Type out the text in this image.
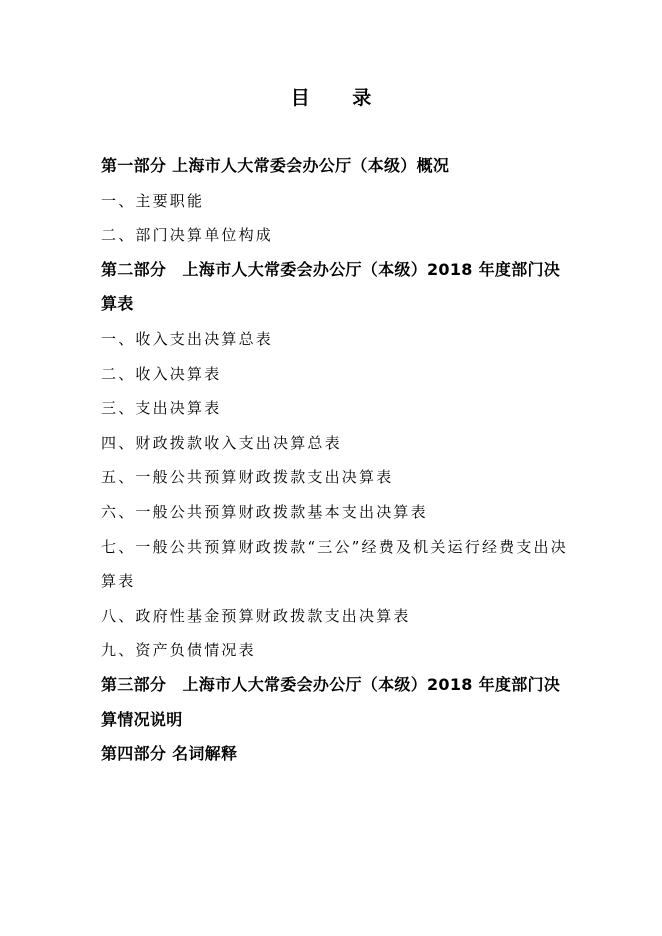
目 录
第一部分 上海市人大常委会办公厅（本级）概况
一、主要职能
二、部门决算单位构成
第二部分　上海市人大常委会办公厅（本级）2018 年度部门决
算表
一、收入支出决算总表
二、收入决算表
三、支出决算表
四、财政拨款收入支出决算总表
五、一般公共预算财政拨款支出决算表
六、一般公共预算财政拨款基本支出决算表
七、一般公共预算财政拨款“三公”经费及机关运行经费支出决
算表
八、政府性基金预算财政拨款支出决算表
九、资产负债情况表
第三部分　上海市人大常委会办公厅（本级）2018 年度部门决
算情况说明
第四部分 名词解释
